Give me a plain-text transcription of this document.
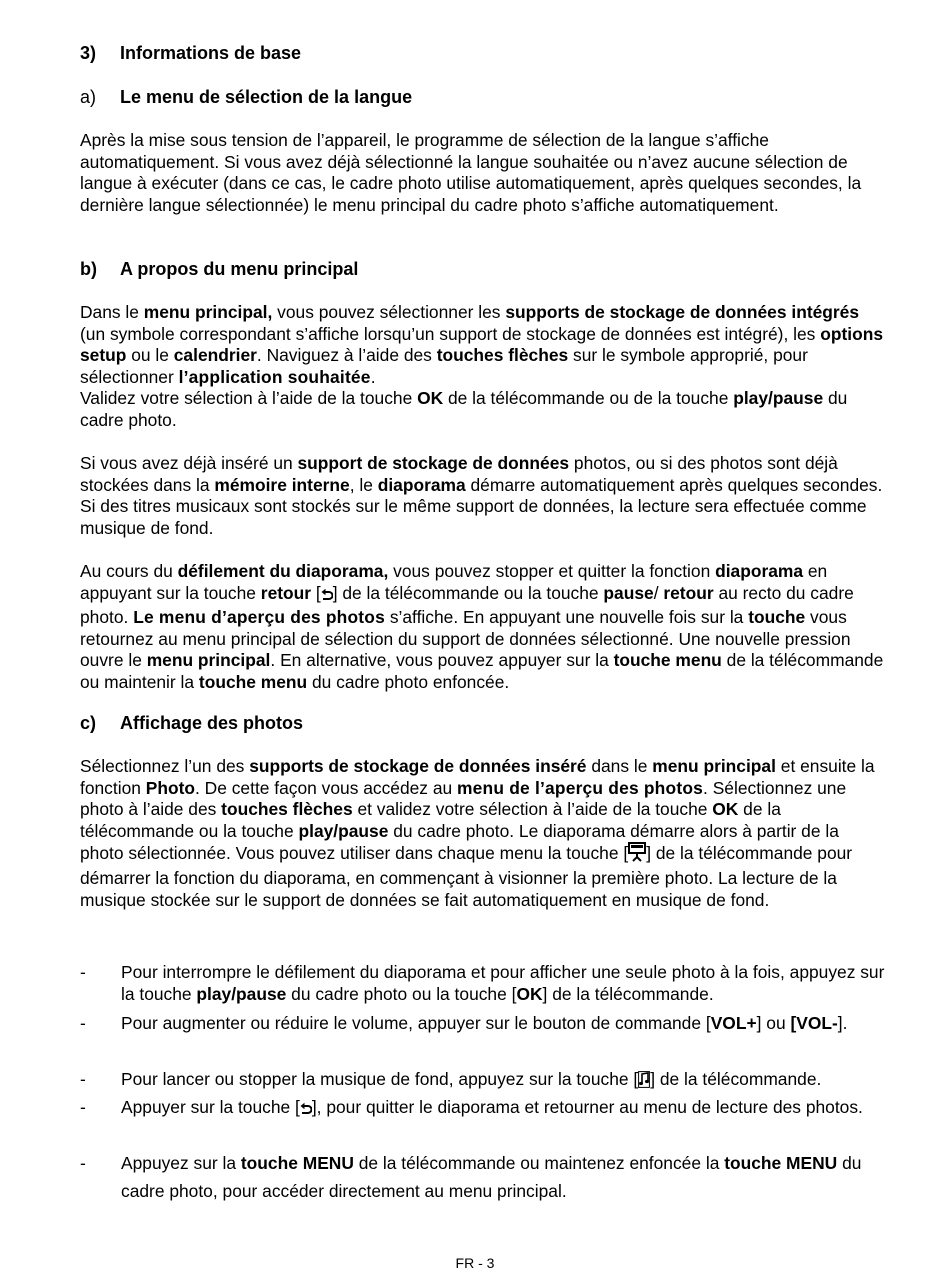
3) Informations de base
a) Le menu de sélection de la langue
Après la mise sous tension de l’appareil, le programme de sélection de la langue s’affiche automatiquement. Si vous avez déjà sélectionné la langue souhaitée ou n’avez aucune sélection de langue à exécuter (dans ce cas, le cadre photo utilise automatiquement, après quelques secondes, la dernière langue sélectionnée) le menu principal du cadre photo s’affiche automatiquement.
b) A propos du menu principal
Dans le menu principal, vous pouvez sélectionner les supports de stockage de données intégrés (un symbole correspondant s’affiche lorsqu’un support de stockage de données est intégré), les options setup ou le calendrier. Naviguez à l’aide des touches flèches sur le symbole approprié, pour sélectionner l’application souhaitée.
Validez votre sélection à l’aide de la touche OK de la télécommande ou de la touche play/pause du cadre photo.
Si vous avez déjà inséré un support de stockage de données photos, ou si des photos sont déjà stockées dans la mémoire interne, le diaporama démarre automatiquement après quelques secondes. Si des titres musicaux sont stockés sur le même support de données, la lecture sera effectuée comme musique de fond.
Au cours du défilement du diaporama, vous pouvez stopper et quitter la fonction diaporama en appuyant sur la touche retour [ ] de la télécommande ou la touche pause/ retour au recto du cadre photo. Le menu d’aperçu des photos s’affiche. En appuyant une nouvelle fois sur la touche vous retournez au menu principal de sélection du support de données sélectionné. Une nouvelle pression ouvre le menu principal. En alternative, vous pouvez appuyer sur la touche menu de la télécommande ou maintenir la touche menu du cadre photo enfoncée.
c) Affichage des photos
Sélectionnez l’un des supports de stockage de données inséré dans le menu principal et ensuite la fonction Photo. De cette façon vous accédez au menu de l’aperçu des photos. Sélectionnez une photo à l’aide des touches flèches et validez votre sélection à l’aide de la touche OK de la télécommande ou la touche play/pause du cadre photo. Le diaporama démarre alors à partir de la photo sélectionnée. Vous pouvez utiliser dans chaque menu la touche [ ] de la télécommande pour démarrer la fonction du diaporama, en commençant à visionner la première photo. La lecture de la musique stockée sur le support de données se fait automatiquement en musique de fond.
- Pour interrompre le défilement du diaporama et pour afficher une seule photo à la fois, appuyez sur la touche play/pause du cadre photo ou la touche [OK] de la télécommande.
- Pour augmenter ou réduire le volume, appuyer sur le bouton de commande [VOL+] ou [VOL-].
- Pour lancer ou stopper la musique de fond, appuyez sur la touche [ ] de la télécommande.
- Appuyer sur la touche [ ], pour quitter le diaporama et retourner au menu de lecture des photos.
- Appuyez sur la touche MENU de la télécommande ou maintenez enfoncée la touche MENU du cadre photo, pour accéder directement au menu principal.
FR - 3
